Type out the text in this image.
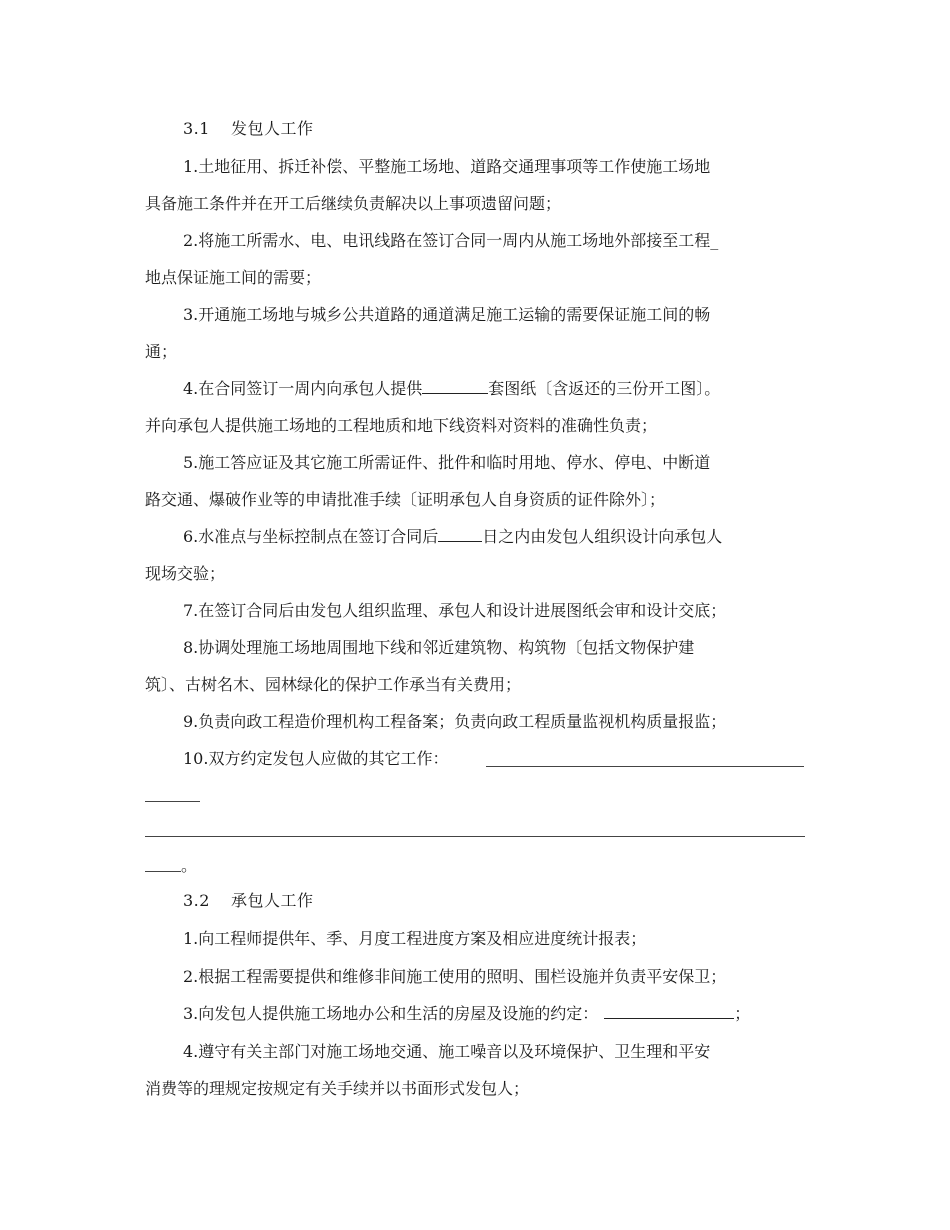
3.1 发包人工作
1.土地征用、拆迁补偿、平整施工场地、道路交通理事项等工作使施工场地
具备施工条件并在开工后继续负责解决以上事项遗留问题；
2.将施工所需水、电、电讯线路在签订合同一周内从施工场地外部接至工程_
地点保证施工间的需要；
3.开通施工场地与城乡公共道路的通道满足施工运输的需要保证施工间的畅
通；
4.在合同签订一周内向承包人提供	套图纸〔含返还的三份开工图〕。
并向承包人提供施工场地的工程地质和地下线资料对资料的准确性负责；
5.施工答应证及其它施工所需证件、批件和临时用地、停水、停电、中断道
路交通、爆破作业等的申请批准手续〔证明承包人自身资质的证件除外〕；
6.水准点与坐标控制点在签订合同后	日之内由发包人组织设计向承包人
现场交验；
7.在签订合同后由发包人组织监理、承包人和设计进展图纸会审和设计交底；
8.协调处理施工场地周围地下线和邻近建筑物、构筑物〔包括文物保护建
筑〕、古树名木、园林绿化的保护工作承当有关费用；
9.负责向政工程造价理机构工程备案；负责向政工程质量监视机构质量报监；
10.双方约定发包人应做的其它工作：
。
3.2 承包人工作
1.向工程师提供年、季、月度工程进度方案及相应进度统计报表；
2.根据工程需要提供和维修非间施工使用的照明、围栏设施并负责平安保卫；
3.向发包人提供施工场地办公和生活的房屋及设施的约定：	；
4.遵守有关主部门对施工场地交通、施工噪音以及环境保护、卫生理和平安
消费等的理规定按规定有关手续并以书面形式发包人；
